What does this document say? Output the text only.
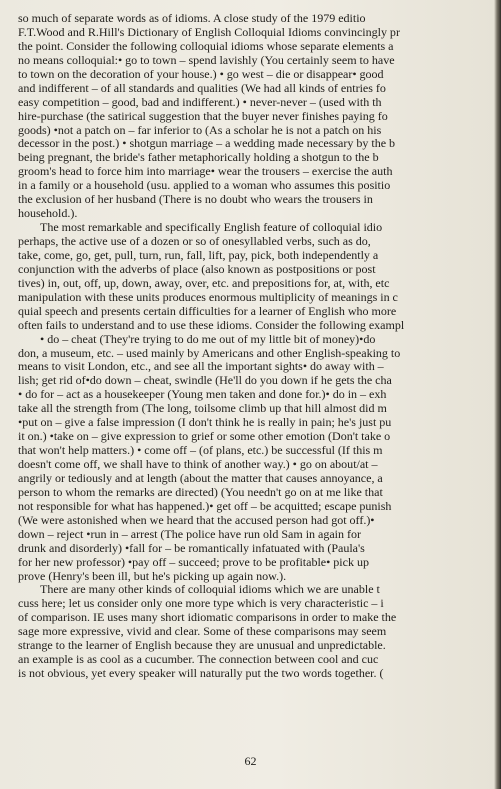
so much of separate words as of idioms. A close study of the 1979 editio
F.T.Wood and R.Hill's Dictionary of English Colloquial Idioms convincingly pr
the point. Consider the following colloquial idioms whose separate elements a
no means colloquial:• go to town – spend lavishly (You certainly seem to have
to town on the decoration of your house.) • go west – die or disappear• good
and indifferent – of all standards and qualities (We had all kinds of entries fo
easy competition – good, bad and indifferent.) • never-never – (used with th
hire-purchase (the satirical suggestion that the buyer never finishes paying fo
goods) •not a patch on – far inferior to (As a scholar he is not a patch on his
decessor in the post.) • shotgun marriage – a wedding made necessary by the b
being pregnant, the bride's father metaphorically holding a shotgun to the b
groom's head to force him into marriage• wear the trousers – exercise the auth
in a family or a household (usu. applied to a woman who assumes this positio
the exclusion of her husband (There is no doubt who wears the trousers in
household.).
The most remarkable and specifically English feature of colloquial idio
perhaps, the active use of a dozen or so of onesyllabled verbs, such as do,
take, come, go, get, pull, turn, run, fall, lift, pay, pick, both independently a
conjunction with the adverbs of place (also known as postpositions or post
tives) in, out, off, up, down, away, over, etc. and prepositions for, at, with, etc
manipulation with these units produces enormous multiplicity of meanings in c
quial speech and presents certain difficulties for a learner of English who more
often fails to understand and to use these idioms. Consider the following exampl
• do – cheat (They're trying to do me out of my little bit of money)•do
don, a museum, etc. – used mainly by Americans and other English-speaking to
means to visit London, etc., and see all the important sights• do away with –
lish; get rid of•do down – cheat, swindle (He'll do you down if he gets the cha
• do for – act as a housekeeper (Young men taken and done for.)• do in – exh
take all the strength from (The long, toilsome climb up that hill almost did m
•put on – give a false impression (I don't think he is really in pain; he's just pu
it on.) •take on – give expression to grief or some other emotion (Don't take o
that won't help matters.) • come off – (of plans, etc.) be successful (If this m
doesn't come off, we shall have to think of another way.) • go on about/at –
angrily or tediously and at length (about the matter that causes annoyance, a
person to whom the remarks are directed) (You needn't go on at me like that
not responsible for what has happened.)• get off – be acquitted; escape punish
(We were astonished when we heard that the accused person had got off.)•
down – reject •run in – arrest (The police have run old Sam in again for
drunk and disorderly) •fall for – be romantically infatuated with (Paula's
for her new professor) •pay off – succeed; prove to be profitable• pick up
prove (Henry's been ill, but he's picking up again now.).
There are many other kinds of colloquial idioms which we are unable t
cuss here; let us consider only one more type which is very characteristic – i
of comparison. IE uses many short idiomatic comparisons in order to make the
sage more expressive, vivid and clear. Some of these comparisons may seem
strange to the learner of English because they are unusual and unpredictable.
an example is as cool as a cucumber. The connection between cool and cuc
is not obvious, yet every speaker will naturally put the two words together. (
62
